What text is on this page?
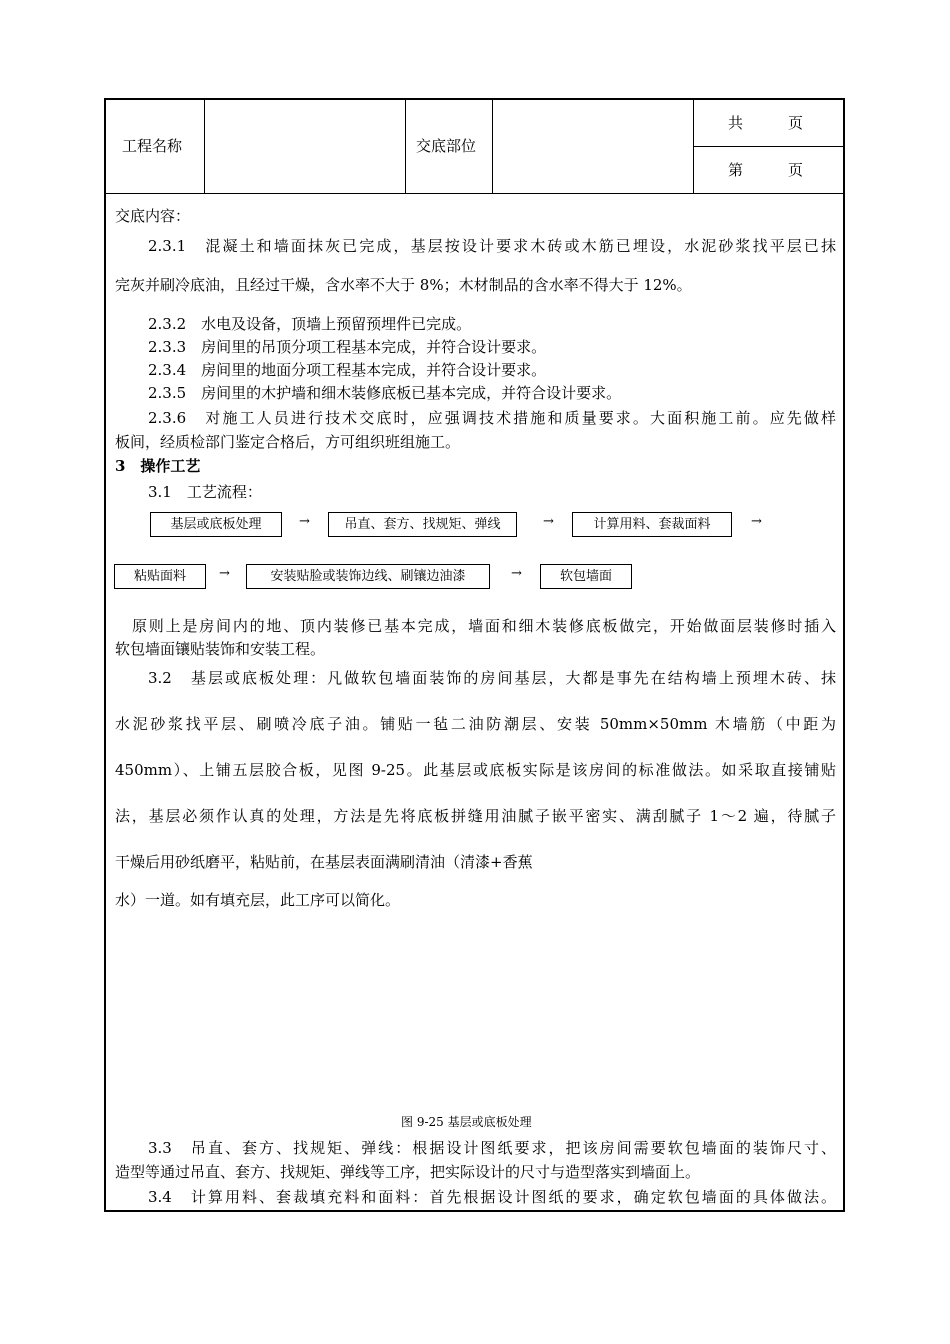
工程名称	交底部位
共　　　页
第　　　页
交底内容：
2.3.1　混凝土和墙面抹灰已完成，基层按设计要求木砖或木筋已埋设，水泥砂浆找平层已抹
完灰并刷冷底油，且经过干燥，含水率不大于 8%；木材制品的含水率不得大于 12%。
2.3.2　水电及设备，顶墙上预留预埋件已完成。
2.3.3　房间里的吊顶分项工程基本完成，并符合设计要求。
2.3.4　房间里的地面分项工程基本完成，并符合设计要求。
2.3.5　房间里的木护墙和细木装修底板已基本完成，并符合设计要求。
2.3.6　对施工人员进行技术交底时，应强调技术措施和质量要求。大面积施工前。应先做样
板间，经质检部门鉴定合格后，方可组织班组施工。
3　操作工艺
3.1　工艺流程：
基层或底板处理	→	吊直、套方、找规矩、弹线	→	计算用料、套裁面料	→
粘贴面料	→	安装贴脸或装饰边线、刷镶边油漆	→	软包墙面
原则上是房间内的地、顶内装修已基本完成，墙面和细木装修底板做完，开始做面层装修时插入
软包墙面镶贴装饰和安装工程。
3.2　基层或底板处理：凡做软包墙面装饰的房间基层，大都是事先在结构墙上预埋木砖、抹
水泥砂浆找平层、刷喷冷底子油。铺贴一毡二油防潮层、安装 50mm×50mm 木墙筋（中距为
450mm）、上铺五层胶合板，见图 9-25。此基层或底板实际是该房间的标准做法。如采取直接铺贴
法，基层必须作认真的处理，方法是先将底板拼缝用油腻子嵌平密实、满刮腻子 1～2 遍，待腻子
干燥后用砂纸磨平，粘贴前，在基层表面满刷清油（清漆+香蕉
水）一道。如有填充层，此工序可以简化。
图 9-25 基层或底板处理
3.3　吊直、套方、找规矩、弹线：根据设计图纸要求，把该房间需要软包墙面的装饰尺寸、
造型等通过吊直、套方、找规矩、弹线等工序，把实际设计的尺寸与造型落实到墙面上。
3.4　计算用料、套裁填充料和面料：首先根据设计图纸的要求，确定软包墙面的具体做法。
